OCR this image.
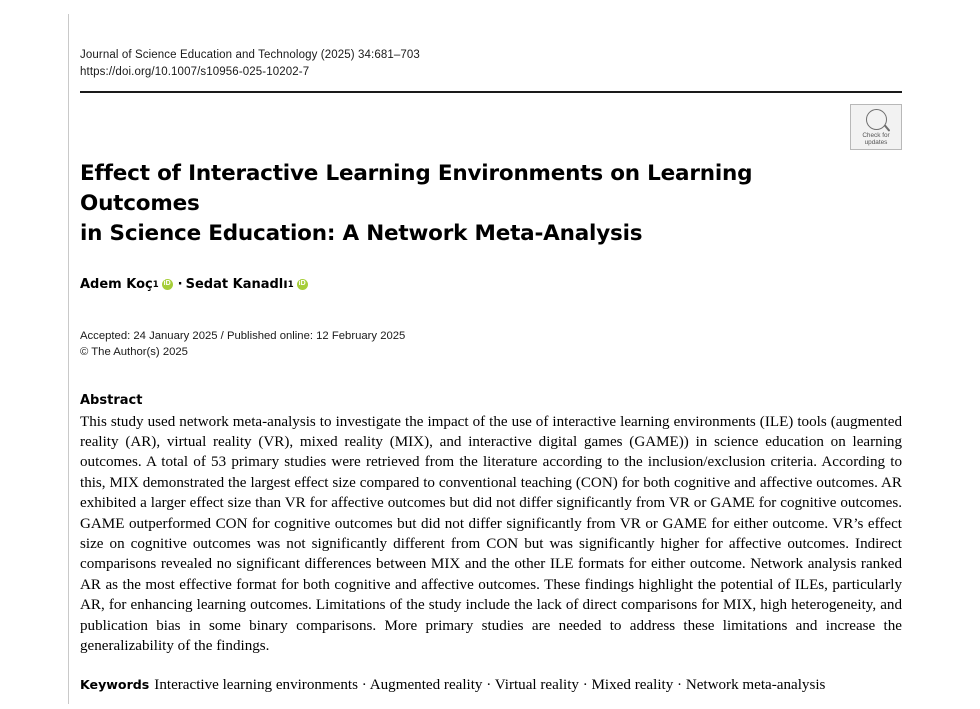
Journal of Science Education and Technology (2025) 34:681–703
https://doi.org/10.1007/s10956-025-10202-7
Check for
updates
Effect of Interactive Learning Environments on Learning Outcomes
in Science Education: A Network Meta-Analysis
Adem Koç 1 iD · Sedat Kanadlı 1
iD
Accepted: 24 January 2025 / Published online: 12 February 2025
© The Author(s) 2025
Abstract
This study used network meta-analysis to investigate the impact of the use of interactive learning environments (ILE) tools (augmented reality (AR), virtual reality (VR), mixed reality (MIX), and interactive digital games (GAME)) in science education on learning outcomes. A total of 53 primary studies were retrieved from the literature according to the inclusion/exclusion criteria. According to this, MIX demonstrated the largest effect size compared to conventional teaching (CON) for both cognitive and affective outcomes. AR exhibited a larger effect size than VR for affective outcomes but did not differ significantly from VR or GAME for cognitive outcomes. GAME outperformed CON for cognitive outcomes but did not differ significantly from VR or GAME for either outcome. VR’s effect size on cognitive outcomes was not significantly different from CON but was significantly higher for affective outcomes. Indirect comparisons revealed no significant differences between MIX and the other ILE formats for either outcome. Network analysis ranked AR as the most effective format for both cognitive and affective outcomes. These findings highlight the potential of ILEs, particularly AR, for enhancing learning outcomes. Limitations of the study include the lack of direct comparisons for MIX, high heterogeneity, and publication bias in some binary comparisons. More primary studies are needed to address these limitations and increase the generalizability of the findings.
Keywords Interactive learning environments · Augmented reality · Virtual reality · Mixed reality · Network meta-analysis
